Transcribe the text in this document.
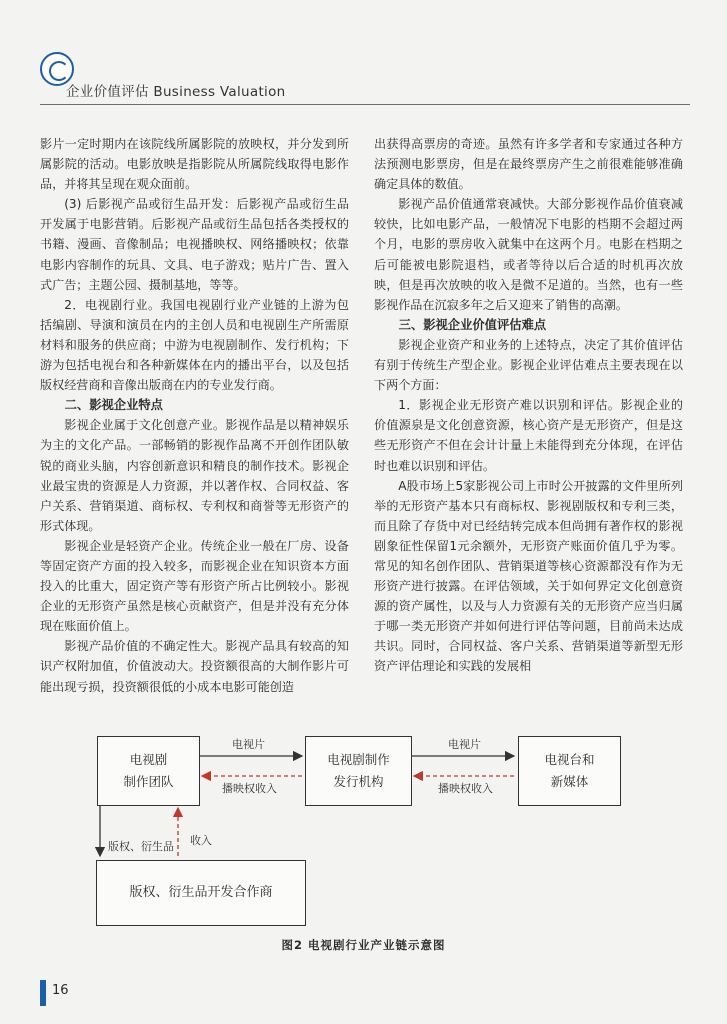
企业价值评估 Business Valuation

影片一定时期内在该院线所属影院的放映权，并分发到所属影院的活动。电影放映是指影院从所属院线取得电影作品，并将其呈现在观众面前。

(3) 后影视产品或衍生品开发：后影视产品或衍生品开发属于电影营销。后影视产品或衍生品包括各类授权的书籍、漫画、音像制品；电视播映权、网络播映权；依靠电影内容制作的玩具、文具、电子游戏；贴片广告、置入式广告；主题公园、摄制基地，等等。

2．电视剧行业。我国电视剧行业产业链的上游为包括编剧、导演和演员在内的主创人员和电视剧生产所需原材料和服务的供应商；中游为电视剧制作、发行机构；下游为包括电视台和各种新媒体在内的播出平台，以及包括版权经营商和音像出版商在内的专业发行商。

二、影视企业特点

影视企业属于文化创意产业。影视作品是以精神娱乐为主的文化产品。一部畅销的影视作品离不开创作团队敏锐的商业头脑，内容创新意识和精良的制作技术。影视企业最宝贵的资源是人力资源，并以著作权、合同权益、客户关系、营销渠道、商标权、专利权和商誉等无形资产的形式体现。

影视企业是轻资产企业。传统企业一般在厂房、设备等固定资产方面的投入较多，而影视企业在知识资本方面投入的比重大，固定资产等有形资产所占比例较小。影视企业的无形资产虽然是核心贡献资产，但是并没有充分体现在账面价值上。

影视产品价值的不确定性大。影视产品具有较高的知识产权附加值，价值波动大。投资额很高的大制作影片可能出现亏损，投资额很低的小成本电影可能创造

出获得高票房的奇迹。虽然有许多学者和专家通过各种方法预测电影票房，但是在最终票房产生之前很难能够准确确定具体的数值。

影视产品价值通常衰减快。大部分影视作品价值衰减较快，比如电影产品，一般情况下电影的档期不会超过两个月，电影的票房收入就集中在这两个月。电影在档期之后可能被电影院退档，或者等待以后合适的时机再次放映，但是再次放映的收入是微不足道的。当然，也有一些影视作品在沉寂多年之后又迎来了销售的高潮。

三、影视企业价值评估难点

影视企业资产和业务的上述特点，决定了其价值评估有别于传统生产型企业。影视企业评估难点主要表现在以下两个方面：

1．影视企业无形资产难以识别和评估。影视企业的价值源泉是文化创意资源，核心资产是无形资产，但是这些无形资产不但在会计计量上未能得到充分体现，在评估时也难以识别和评估。

A股市场上5家影视公司上市时公开披露的文件里所列举的无形资产基本只有商标权、影视剧版权和专利三类，而且除了存货中对已经结转完成本但尚拥有著作权的影视剧象征性保留1元余额外，无形资产账面价值几乎为零。常见的知名创作团队、营销渠道等核心资源都没有作为无形资产进行披露。在评估领域，关于如何界定文化创意资源的资产属性，以及与人力资源有关的无形资产应当归属于哪一类无形资产并如何进行评估等问题，目前尚未达成共识。同时，合同权益、客户关系、营销渠道等新型无形资产评估理论和实践的发展相

电视剧
制作团队
电视剧制作
发行机构
电视台和
新媒体
版权、衍生品开发合作商
电视片
播映权收入
电视片
播映权收入
版权、衍生品 收入
图2 电视剧行业产业链示意图
16
